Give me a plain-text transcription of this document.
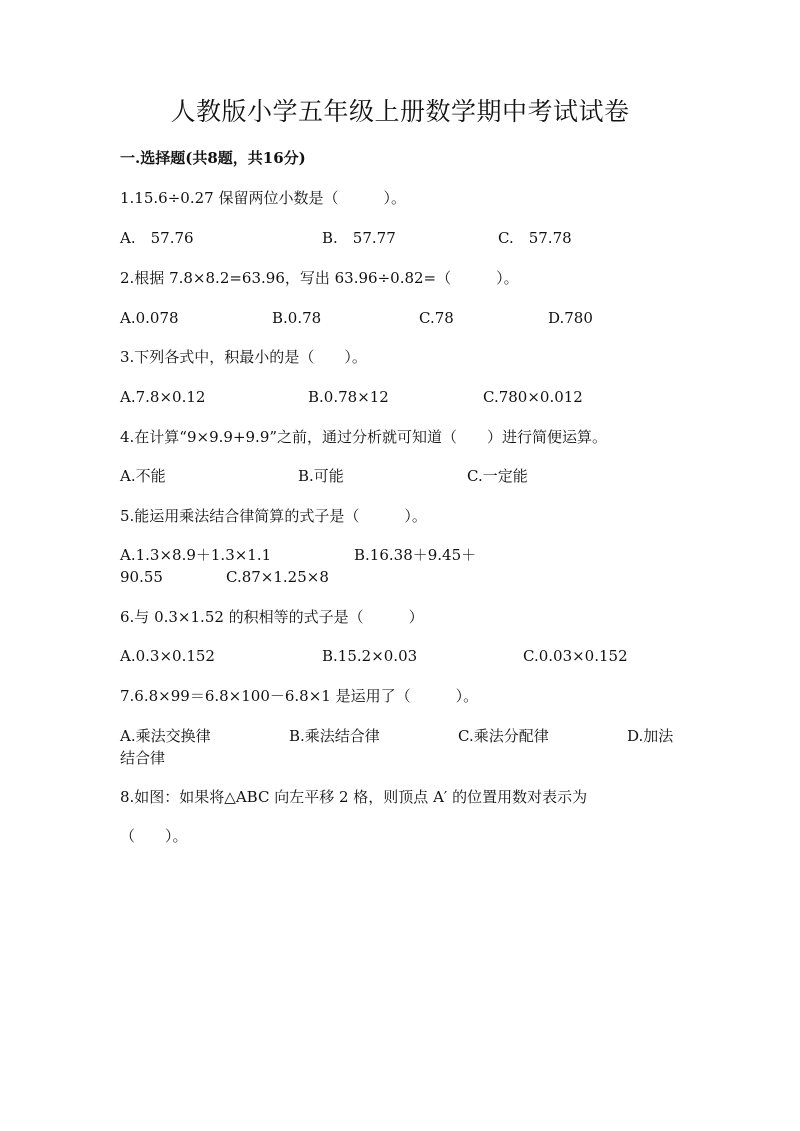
人教版小学五年级上册数学期中考试试卷
一.选择题(共8题，共16分)
1.15.6÷0.27 保留两位小数是（　　　）。
A.　57.76	B.　57.77	C.　57.78
2.根据 7.8×8.2=63.96，写出 63.96÷0.82=（　　　）。
A.0.078	B.0.78	C.78	D.780
3.下列各式中，积最小的是（　　）。
A.7.8×0.12	B.0.78×12	C.780×0.012
4.在计算“9×9.9+9.9”之前，通过分析就可知道（　　）进行简便运算。
A.不能	B.可能	C.一定能
5.能运用乘法结合律简算的式子是（　　　）。
A.1.3×8.9＋1.3×1.1	B.16.38＋9.45＋
90.55	C.87×1.25×8
6.与 0.3×1.52 的积相等的式子是（　　　）
A.0.3×0.152	B.15.2×0.03	C.0.03×0.152
7.6.8×99＝6.8×100－6.8×1 是运用了（　　　）。
A.乘法交换律	B.乘法结合律	C.乘法分配律	D.加法
结合律
8.如图：如果将△ABC 向左平移 2 格，则顶点 A′ 的位置用数对表示为
（　　）。
